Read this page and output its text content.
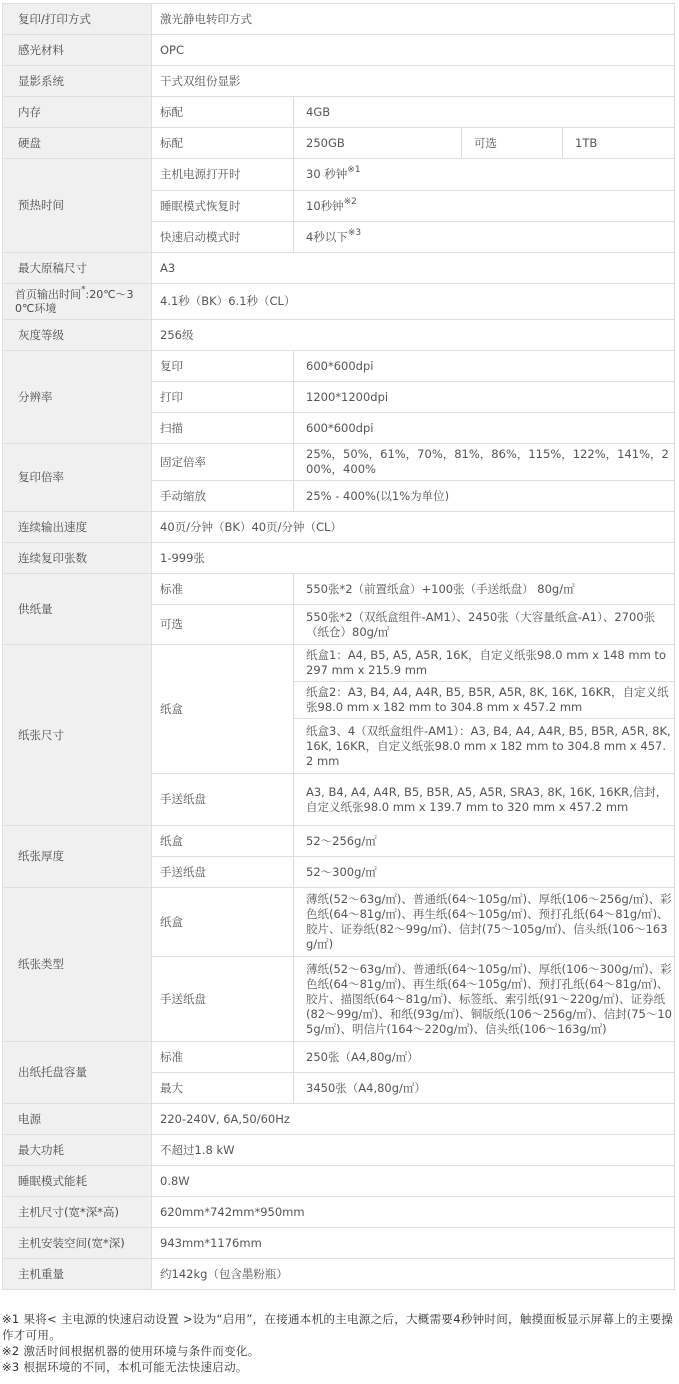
复印/打印方式	激光静电转印方式			
感光材料	OPC			
显影系统	干式双组份显影			
内存	标配	4GB		
硬盘	标配	250GB	可选	1TB
预热时间	主机电源打开时	30 秒钟$^{※1}$
	睡眠模式恢复时	10秒钟$^{※2}$
	快速启动模式时	4秒以下$^{※3}$
最大原稿尺寸	A3			
首页输出时间*:20℃～30℃环境	4.1秒（BK）6.1秒（CL）			
灰度等级	256级			
分辨率	复印	600*600dpi		
	打印	1200*1200dpi		
	扫描	600*600dpi		
复印倍率	固定倍率	25%，50%，61%，70%，81%，86%，115%，122%，141%，200%，400%		
	手动缩放	25% - 400%(以1%为单位)		
连续输出速度	40页/分钟（BK）40页/分钟（CL）			
连续复印张数	1-999张			
供纸量	标准	550张*2（前置纸盒）+100张（手送纸盘） 80g/㎡		
	可选	550张*2（双纸盒组件-AM1）、2450张（大容量纸盒-A1）、2700张（纸仓）80g/㎡		
纸张尺寸	纸盒	纸盒1：A4, B5, A5, A5R, 16K，自定义纸张98.0 mm x 148 mm to 297 mm x 215.9 mm		
		纸盒2：A3, B4, A4, A4R, B5, B5R, A5R, 8K, 16K, 16KR，自定义纸张98.0 mm x 182 mm to 304.8 mm x 457.2 mm		
		纸盒3、4（双纸盒组件-AM1）：A3, B4, A4, A4R, B5, B5R, A5R, 8K, 16K, 16KR，自定义纸张98.0 mm x 182 mm to 304.8 mm x 457.2 mm		
	手送纸盘	A3, B4, A4, A4R, B5, B5R, A5, A5R, SRA3, 8K, 16K, 16KR,信封，自定义纸张98.0 mm x 139.7 mm to 320 mm x 457.2 mm		
纸张厚度	纸盒	52～256g/㎡		
	手送纸盘	52～300g/㎡		
纸张类型	纸盒	薄纸(52～63g/㎡)、普通纸(64～105g/㎡)、厚纸(106～256g/㎡)、彩色纸(64～81g/㎡)、再生纸(64～105g/㎡)、预打孔纸(64～81g/㎡)、胶片、证券纸(82～99g/㎡)、信封(75～105g/㎡)、信头纸(106～163g/㎡)		
	手送纸盘	薄纸(52～63g/㎡)、普通纸(64～105g/㎡)、厚纸(106～300g/㎡)、彩色纸(64～81g/㎡)、再生纸(64～105g/㎡)、预打孔纸(64～81g/㎡)、胶片、描图纸(64～81g/㎡)、标签纸、索引纸(91～220g/㎡)、证券纸(82～99g/㎡)、和纸(93g/㎡)、铜版纸(106～256g/㎡)、信封(75～105g/㎡)、明信片(164～220g/㎡)、信头纸(106～163g/㎡)		
出纸托盘容量	标准	250张（A4,80g/㎡）		
	最大	3450张（A4,80g/㎡）		
电源	220-240V, 6A,50/60Hz			
最大功耗	不超过1.8 kW			
睡眠模式能耗	0.8W			
主机尺寸(宽*深*高)	620mm*742mm*950mm			
主机安装空间(宽*深)	943mm*1176mm			
主机重量	约142kg（包含墨粉瓶）			
※1 果将< 主电源的快速启动设置 >设为“启用”，在接通本机的主电源之后，大概需要4秒钟时间，触摸面板显示屏幕上的主要操作才可用。
※2 激活时间根据机器的使用环境与条件而变化。
※3 根据环境的不同，本机可能无法快速启动。
